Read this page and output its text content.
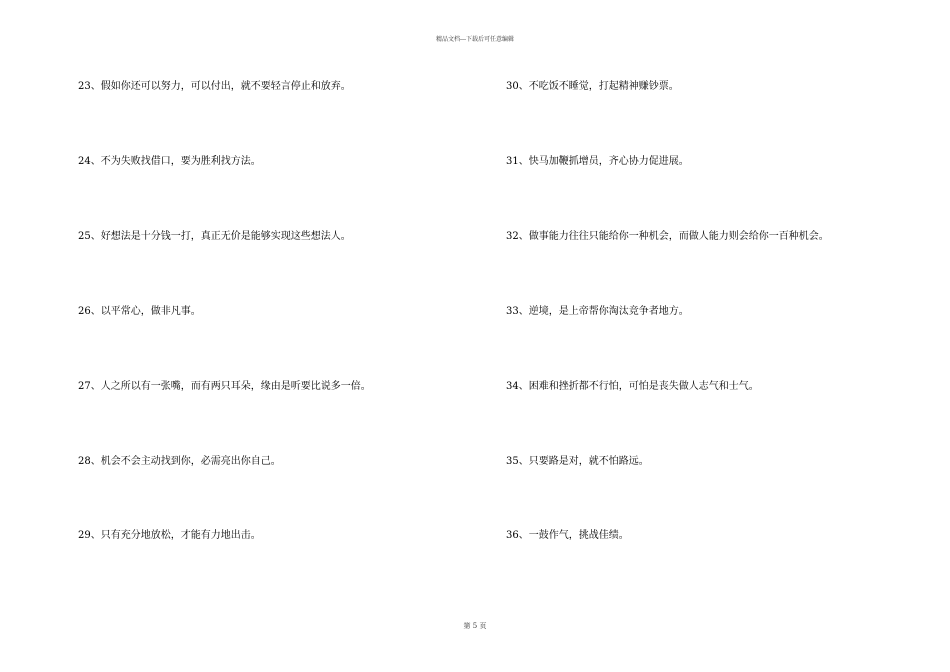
精品文档---下载后可任意编辑
23、假如你还可以努力，可以付出，就不要轻言停止和放弃。
24、不为失败找借口，要为胜利找方法。
25、好想法是十分钱一打，真正无价是能够实现这些想法人。
26、以平常心，做非凡事。
27、人之所以有一张嘴，而有两只耳朵，缘由是听要比说多一倍。
28、机会不会主动找到你，必需亮出你自己。
29、只有充分地放松，才能有力地出击。
30、不吃饭不睡觉，打起精神赚钞票。
31、快马加鞭抓增员，齐心协力促进展。
32、做事能力往往只能给你一种机会，而做人能力则会给你一百种机会。
33、逆境，是上帝帮你淘汰竞争者地方。
34、困难和挫折都不行怕，可怕是丧失做人志气和士气。
35、只要路是对，就不怕路远。
36、一鼓作气，挑战佳绩。
第 5 页
